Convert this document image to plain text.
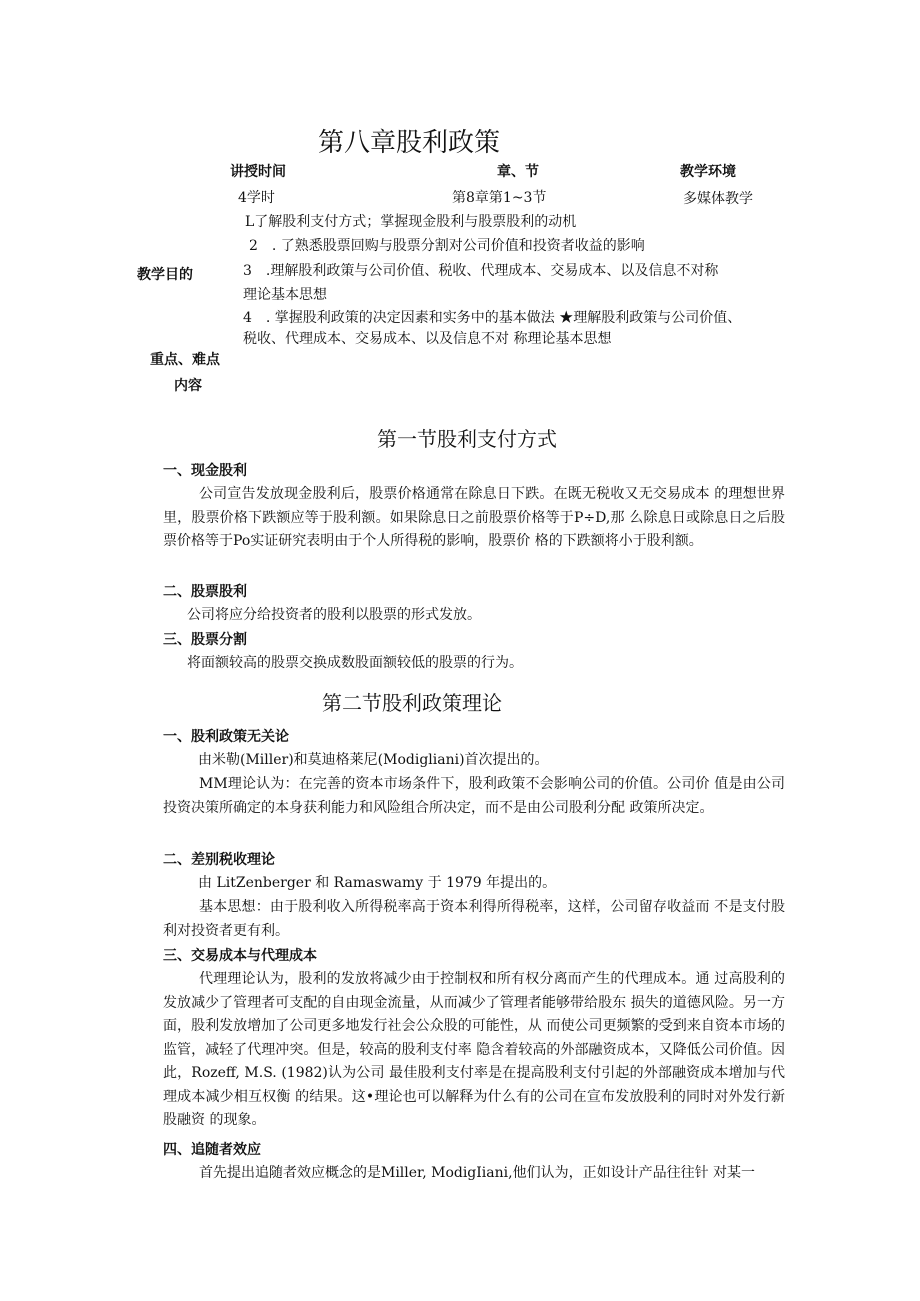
第八章股利政策
讲授时间	章、节	教学环境
4学时	第8章第1~3节	多媒体教学
教学目的
L了解股利支付方式；掌握现金股利与股票股利的动机
2　. 了熟悉股票回购与股票分割对公司价值和投资者收益的影响
3　.理解股利政策与公司价值、税收、代理成本、交易成本、以及信息不对称
理论基本思想
4　. 掌握股利政策的决定因素和实务中的基本做法 ★理解股利政策与公司价值、
税收、代理成本、交易成本、以及信息不对 称理论基本思想
重点、难点
内容
第一节股利支付方式
一、现金股利
公司宣告发放现金股利后，股票价格通常在除息日下跌。在既无税收又无交易成本 的理想世界里，股票价格下跌额应等于股利额。如果除息日之前股票价格等于P÷D,那 么除息日或除息日之后股票价格等于Po实证研究表明由于个人所得税的影响，股票价 格的下跌额将小于股利额。
二、股票股利
公司将应分给投资者的股利以股票的形式发放。
三、股票分割
将面额较高的股票交换成数股面额较低的股票的行为。
第二节股利政策理论
一、股利政策无关论
由米勒(Miller)和莫迪格莱尼(Modigliani)首次提出的。
MM理论认为：在完善的资本市场条件下，股利政策不会影响公司的价值。公司价 值是由公司投资决策所确定的本身获利能力和风险组合所决定，而不是由公司股利分配 政策所决定。
二、差别税收理论
由 LitZenberger 和 Ramaswamy 于 1979 年提出的。
基本思想：由于股利收入所得税率高于资本利得所得税率，这样，公司留存收益而 不是支付股利对投资者更有利。
三、交易成本与代理成本
代理理论认为，股利的发放将减少由于控制权和所有权分离而产生的代理成本。通 过高股利的发放减少了管理者可支配的自由现金流量，从而减少了管理者能够带给股东 损失的道德风险。另一方面，股利发放增加了公司更多地发行社会公众股的可能性，从 而使公司更频繁的受到来自资本市场的监管，减轻了代理冲突。但是，较高的股利支付率 隐含着较高的外部融资成本，又降低公司价值。因此，Rozeff, M.S. (1982)认为公司 最佳股利支付率是在提高股利支付引起的外部融资成本增加与代理成本减少相互权衡 的结果。这•理论也可以解释为什么有的公司在宣布发放股利的同时对外发行新股融资 的现象。
四、追随者效应
首先提出追随者效应概念的是Miller, ModigIiani,他们认为，正如设计产品往往针 对某一
